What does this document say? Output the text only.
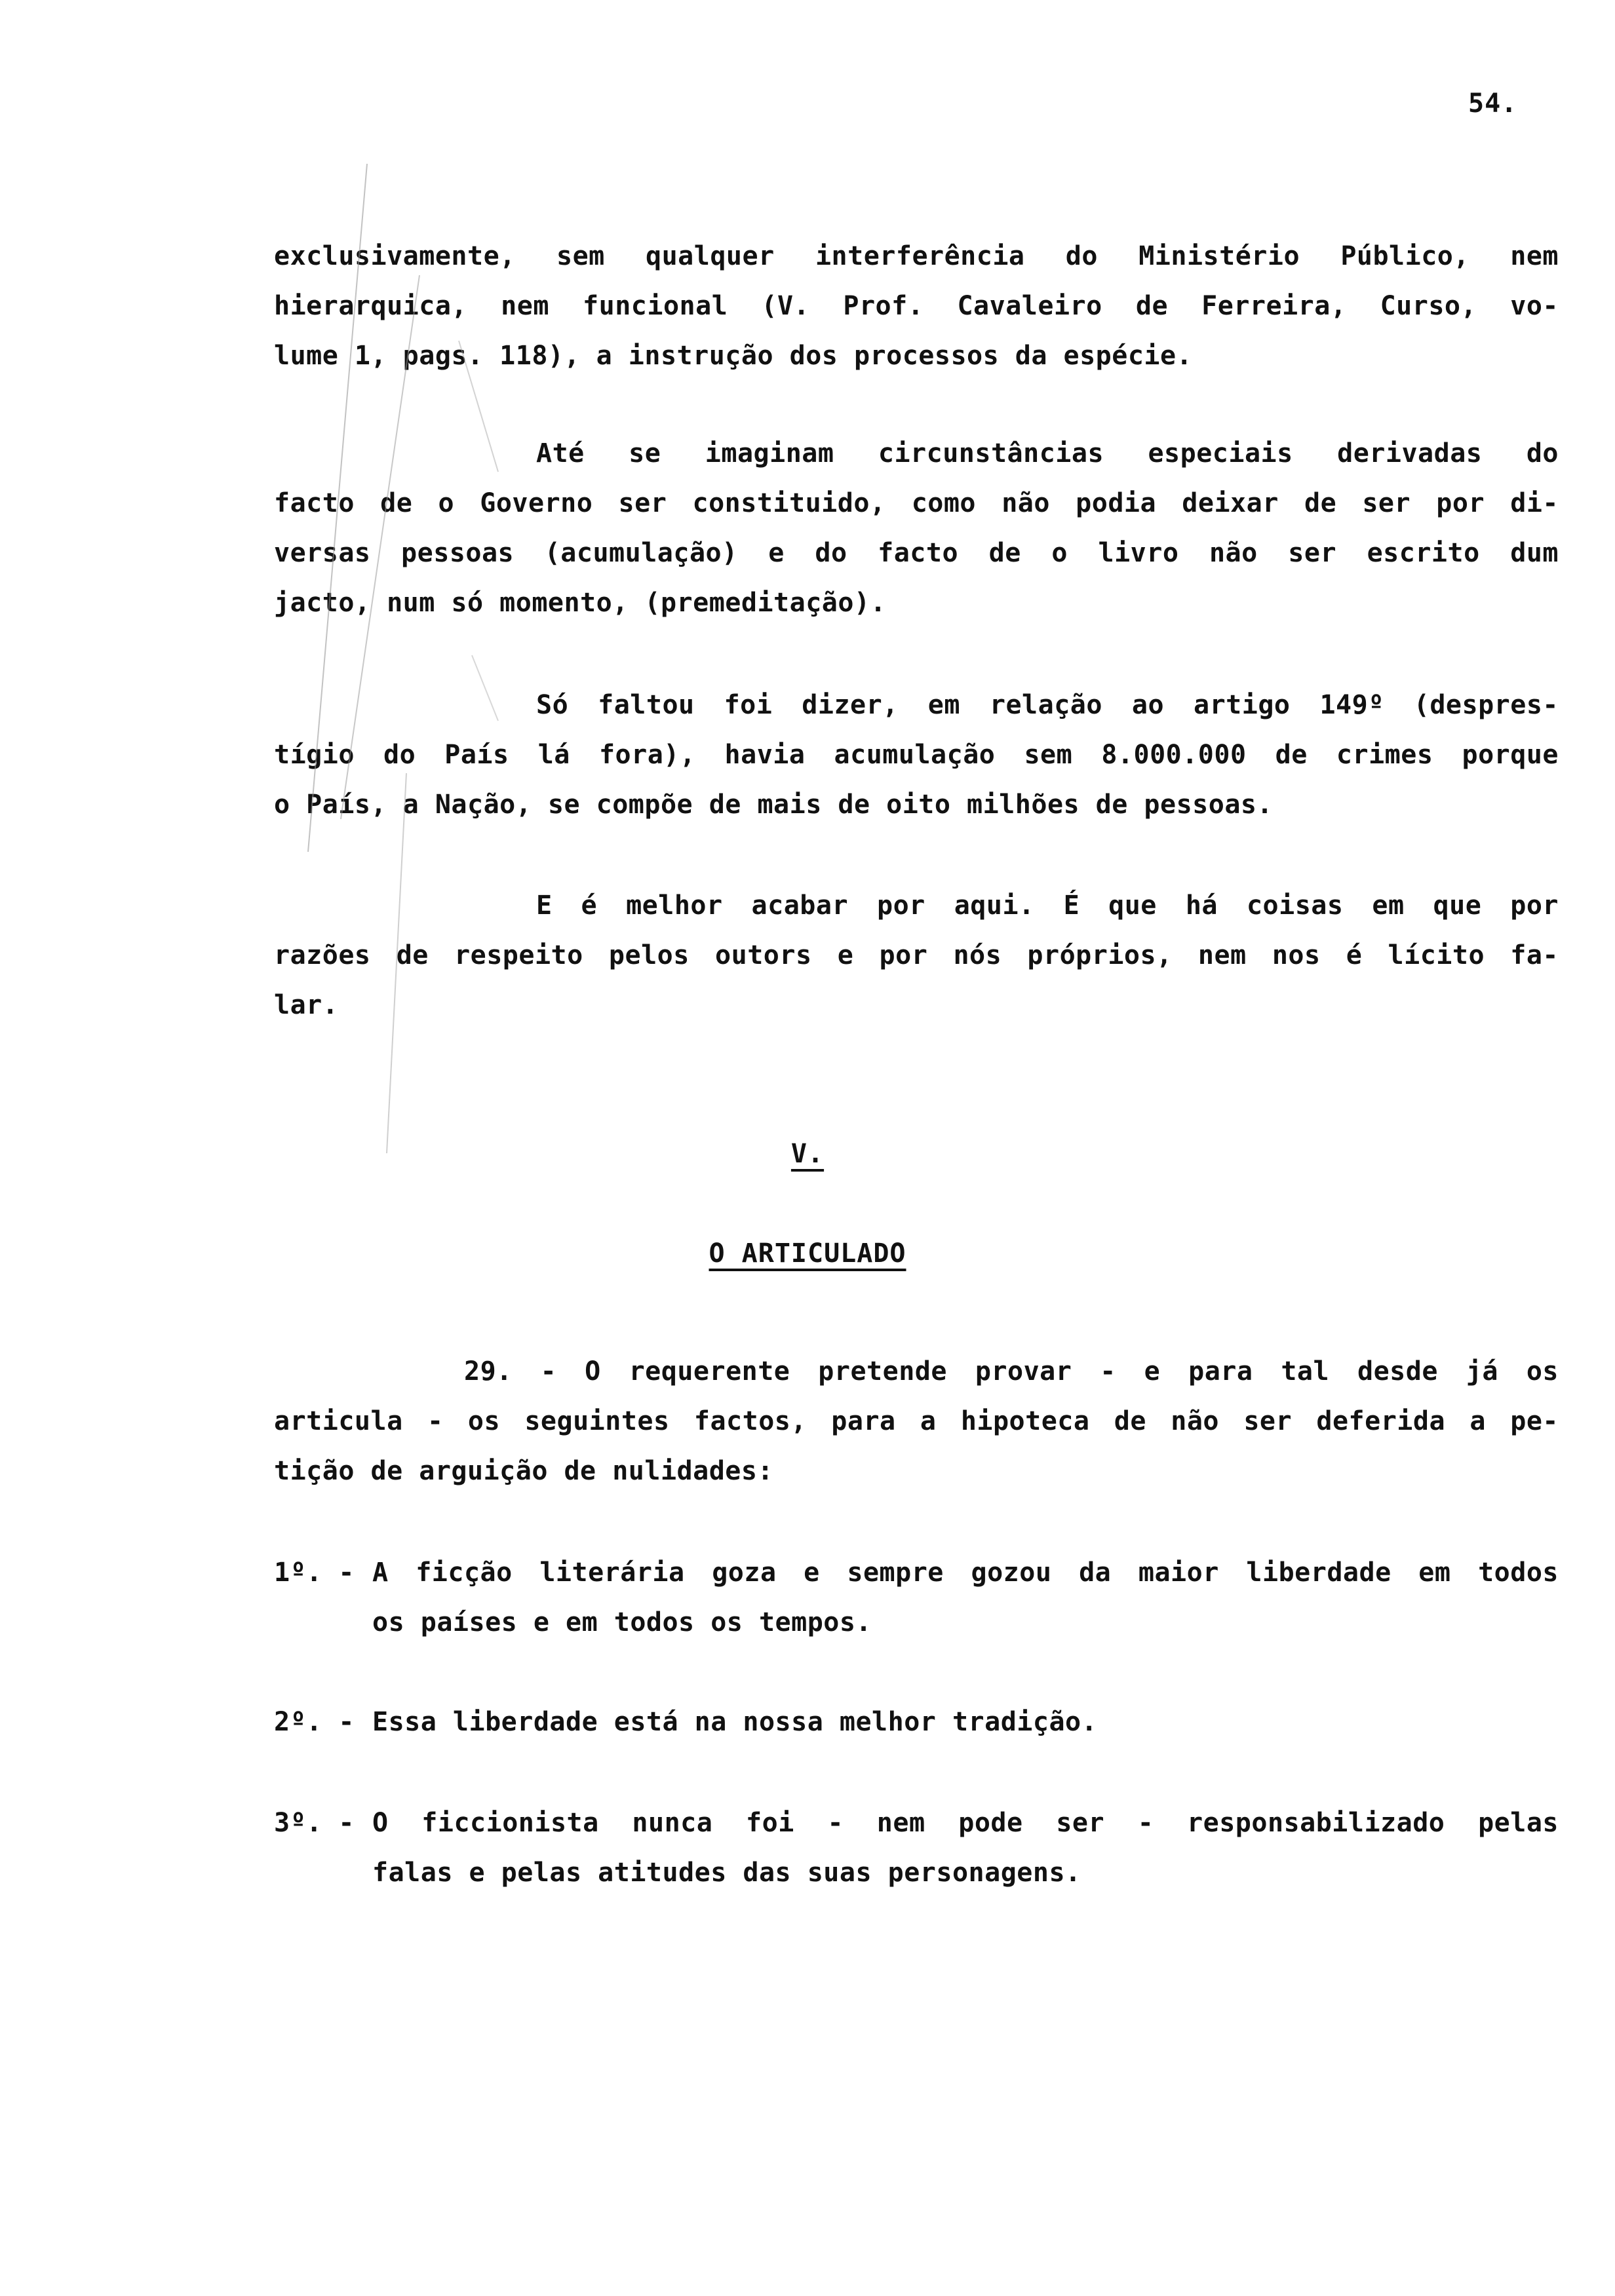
54.
exclusivamente, sem qualquer interferência do Ministério Público, nem
hierarquica, nem funcional (V. Prof. Cavaleiro de Ferreira, Curso, vo-
lume 1, pags. 118), a instrução dos processos da espécie.
Até se imaginam circunstâncias especiais derivadas do
facto de o Governo ser constituido, como não podia deixar de ser por di-
versas pessoas (acumulação) e do facto de o livro não ser escrito dum
jacto, num só momento, (premeditação).
Só faltou foi dizer, em relação ao artigo 149º (despres-
tígio do País lá fora), havia acumulação sem 8.000.000 de crimes porque
o País, a Nação, se compõe de mais de oito milhões de pessoas.
E é melhor acabar por aqui. É que há coisas em que por
razões de respeito pelos outors e por nós próprios, nem nos é lícito fa-
lar.
V.
O ARTICULADO
29. - O requerente pretende provar - e para tal desde já os
articula - os seguintes factos, para a hipoteca de não ser deferida a pe-
tição de arguição de nulidades:
1º. - A ficção literária goza e sempre gozou da maior liberdade em todos
os países e em todos os tempos.
2º. - Essa liberdade está na nossa melhor tradição.
3º. - O ficcionista nunca foi - nem pode ser - responsabilizado pelas
falas e pelas atitudes das suas personagens.
